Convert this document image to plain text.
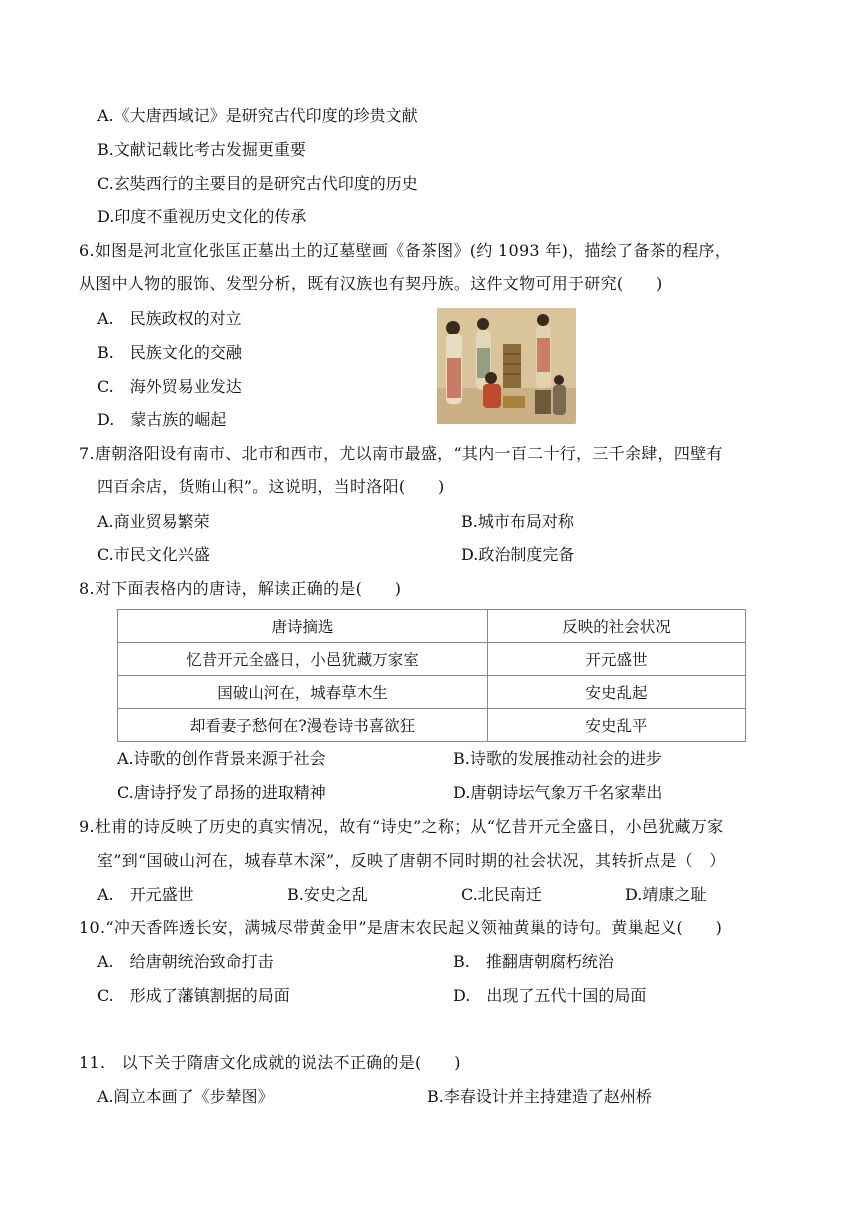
A.《大唐西域记》是研究古代印度的珍贵文献
B.文献记载比考古发掘更重要
C.玄奘西行的主要目的是研究古代印度的历史
D.印度不重视历史文化的传承
6.如图是河北宣化张匡正墓出土的辽墓壁画《备茶图》(约 1093 年)，描绘了备茶的程序，
从图中人物的服饰、发型分析，既有汉族也有契丹族。这件文物可用于研究(　　)
A.　民族政权的对立
B.　民族文化的交融
C.　海外贸易业发达
D.　蒙古族的崛起
7.唐朝洛阳设有南市、北市和西市，尤以南市最盛，“其内一百二十行，三千余肆，四壁有
四百余店，货贿山积”。这说明，当时洛阳(　　)
A.商业贸易繁荣	B.城市布局对称
C.市民文化兴盛	D.政治制度完备
8.对下面表格内的唐诗，解读正确的是(　　)
唐诗摘选	反映的社会状况
忆昔开元全盛日，小邑犹藏万家室	开元盛世
国破山河在，城春草木生	安史乱起
却看妻子愁何在?漫卷诗书喜欲狂	安史乱平
A.诗歌的创作背景来源于社会	B.诗歌的发展推动社会的进步
C.唐诗抒发了昂扬的进取精神	D.唐朝诗坛气象万千名家辈出
9.杜甫的诗反映了历史的真实情况，故有“诗史”之称；从“忆昔开元全盛日，小邑犹藏万家
室”到“国破山河在，城春草木深”，反映了唐朝不同时期的社会状况，其转折点是（　）
A.　开元盛世	B.安史之乱	C.北民南迁	D.靖康之耻
10.“冲天香阵透长安，满城尽带黄金甲”是唐末农民起义领袖黄巢的诗句。黄巢起义(　　)
A.　给唐朝统治致命打击	B.　推翻唐朝腐朽统治
C.　形成了藩镇割据的局面	D.　出现了五代十国的局面
11.　以下关于隋唐文化成就的说法不正确的是(　　)
A.阎立本画了《步辇图》	B.李春设计并主持建造了赵州桥
